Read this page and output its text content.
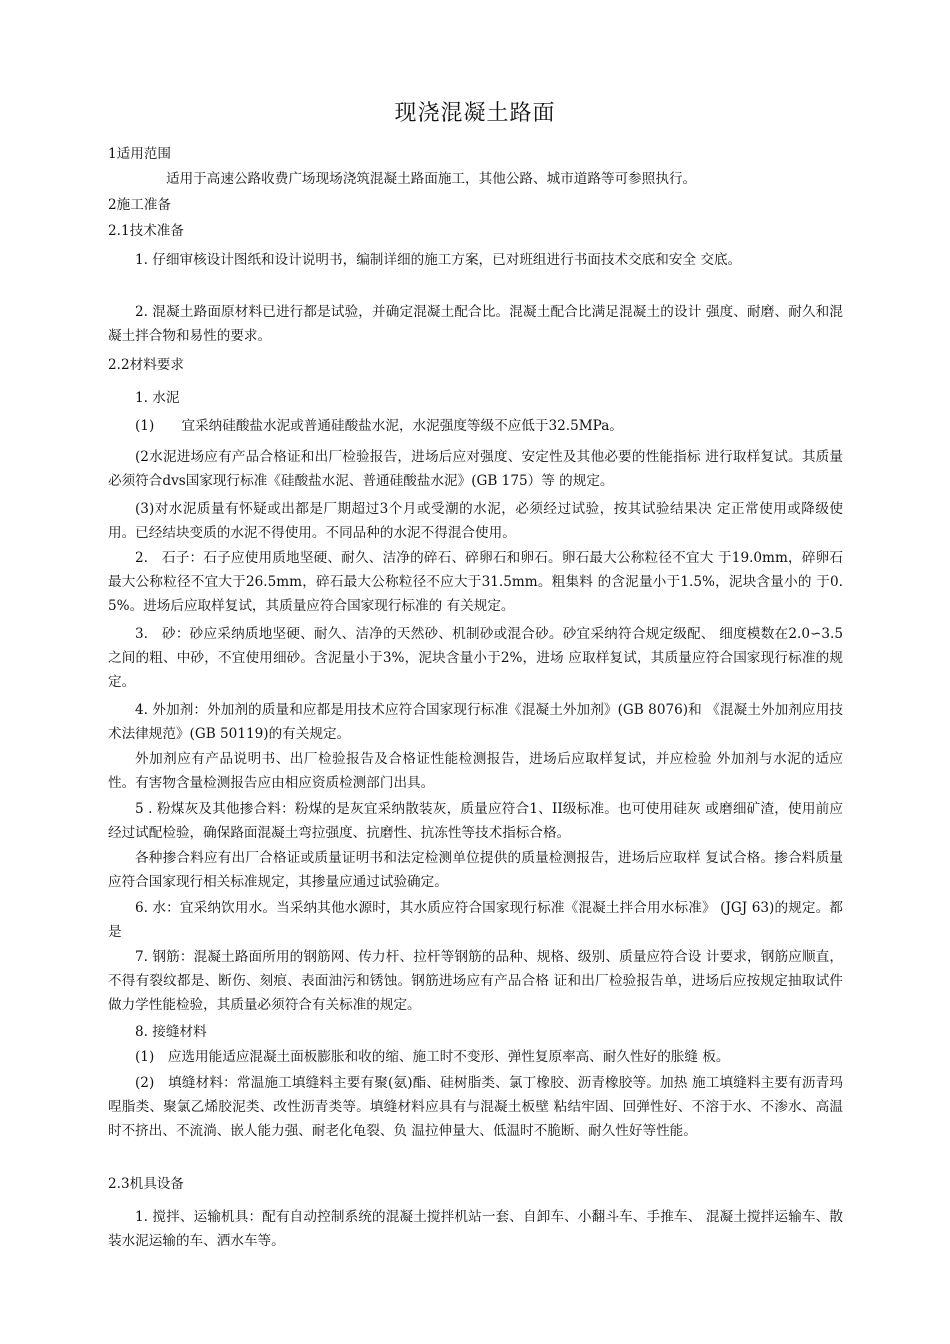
现浇混凝土路面

1适用范围

适用于高速公路收费广场现场浇筑混凝土路面施工，其他公路、城市道路等可参照执行。

2施工准备

2.1技术准备

1. 仔细审核设计图纸和设计说明书，编制详细的施工方案，已对班组进行书面技术交底和安全 交底。

2. 混凝土路面原材料已进行都是试验，并确定混凝土配合比。混凝土配合比满足混凝土的设计 强度、耐磨、耐久和混凝土拌合物和易性的要求。

2.2材料要求

1. 水泥

(1)　　宜采纳硅酸盐水泥或普通硅酸盐水泥，水泥强度等级不应低于32.5MPa。

(2水泥进场应有产品合格证和出厂检验报告，进场后应对强度、安定性及其他必要的性能指标 进行取样复试。其质量必须符合dvs国家现行标准《硅酸盐水泥、普通硅酸盐水泥》(GB 175）等 的规定。

(3)对水泥质量有怀疑或出都是厂期超过3个月或受潮的水泥，必须经过试验，按其试验结果决 定正常使用或降级使用。已经结块变质的水泥不得使用。不同品种的水泥不得混合使用。

2.　石子：石子应使用质地坚硬、耐久、洁净的碎石、碎卵石和卵石。卵石最大公称粒径不宜大 于19.0mm，碎卵石最大公称粒径不宜大于26.5mm，碎石最大公称粒径不应大于31.5mm。粗集料 的含泥量小于1.5%，泥块含量小的 于0.5%。进场后应取样复试，其质量应符合国家现行标准的 有关规定。

3.　砂：砂应采纳质地坚硬、耐久、洁净的天然砂、机制砂或混合砂。砂宜采纳符合规定级配、 细度模数在2.0∽3.5之间的粗、中砂，不宜使用细砂。含泥量小于3%，泥块含量小于2%，进场 应取样复试，其质量应符合国家现行标准的规定。

4. 外加剂：外加剂的质量和应都是用技术应符合国家现行标准《混凝土外加剂》(GB 8076)和 《混凝土外加剂应用技术法律规范》(GB 50119)的有关规定。

外加剂应有产品说明书、出厂检验报告及合格证性能检测报告，进场后应取样复试，并应检验 外加剂与水泥的适应性。有害物含量检测报告应由相应资质检测部门出具。

5 . 粉煤灰及其他掺合料：粉煤的是灰宜采纳散装灰，质量应符合1、II级标准。也可使用硅灰 或磨细矿渣，使用前应经过试配检验，确保路面混凝土弯拉强度、抗磨性、抗冻性等技术指标合格。

各种掺合料应有出厂合格证或质量证明书和法定检测单位提供的质量检测报告，进场后应取样 复试合格。掺合料质量应符合国家现行相关标准规定，其掺量应通过试验确定。

6. 水：宜采纳饮用水。当采纳其他水源时，其水质应符合国家现行标准《混凝土拌合用水标准》 (JGJ 63)的规定。都是

7. 钢筋：混凝土路面所用的钢筋网、传力杆、拉杆等钢筋的品种、规格、级别、质量应符合设 计要求，钢筋应顺直，不得有裂纹都是、断伤、刻痕、表面油污和锈蚀。钢筋进场应有产品合格 证和出厂检验报告单，进场后应按规定抽取试件做力学性能检验，其质量必须符合有关标准的规定。

8. 接缝材料

(1)　应选用能适应混凝土面板膨胀和收的缩、施工时不变形、弹性复原率高、耐久性好的胀缝 板。

(2)　填缝材料：常温施工填缝料主要有聚(氨)酯、硅树脂类、氯丁橡胶、沥青橡胶等。加热 施工填缝料主要有沥青玛㖏脂类、聚氯乙烯胶泥类、改性沥青类等。填缝材料应具有与混凝土板壁 粘结牢固、回弹性好、不溶于水、不渗水、高温时不挤出、不流淌、嵌人能力强、耐老化龟裂、负 温拉伸量大、低温时不脆断、耐久性好等性能。

2.3机具设备

1. 搅拌、运输机具：配有自动控制系统的混凝土搅拌机站一套、自卸车、小翻斗车、手推车、 混凝土搅拌运输车、散装水泥运输的车、洒水车等。
